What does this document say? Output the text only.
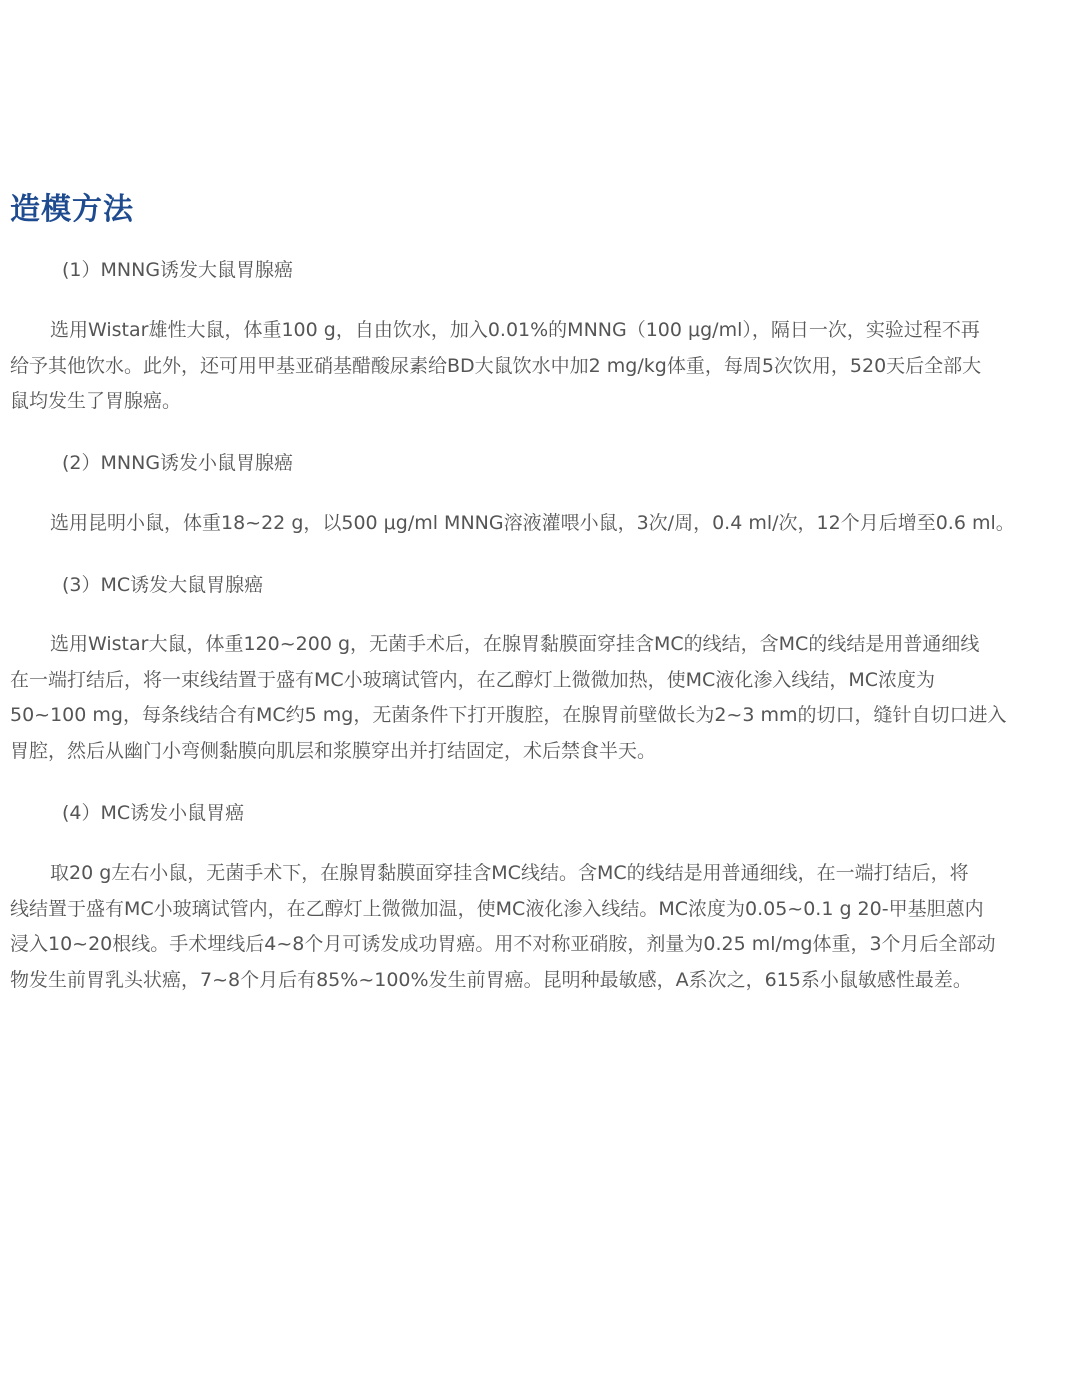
造模方法

(1）MNNG诱发大鼠胃腺癌

选用Wistar雄性大鼠，体重100 g，自由饮水，加入0.01%的MNNG（100 μg/ml），隔日一次，实验过程不再
给予其他饮水。此外，还可用甲基亚硝基醋酸尿素给BD大鼠饮水中加2 mg/kg体重，每周5次饮用，520天后全部大
鼠均发生了胃腺癌。

(2）MNNG诱发小鼠胃腺癌

选用昆明小鼠，体重18~22 g，以500 μg/ml MNNG溶液灌喂小鼠，3次/周，0.4 ml/次，12个月后增至0.6 ml。

(3）MC诱发大鼠胃腺癌

选用Wistar大鼠，体重120~200 g，无菌手术后，在腺胃黏膜面穿挂含MC的线结，含MC的线结是用普通细线
在一端打结后，将一束线结置于盛有MC小玻璃试管内，在乙醇灯上微微加热，使MC液化渗入线结，MC浓度为
50~100 mg，每条线结合有MC约5 mg，无菌条件下打开腹腔，在腺胃前壁做长为2~3 mm的切口，缝针自切口进入
胃腔，然后从幽门小弯侧黏膜向肌层和浆膜穿出并打结固定，术后禁食半天。

(4）MC诱发小鼠胃癌

取20 g左右小鼠，无菌手术下，在腺胃黏膜面穿挂含MC线结。含MC的线结是用普通细线，在一端打结后，将
线结置于盛有MC小玻璃试管内，在乙醇灯上微微加温，使MC液化渗入线结。MC浓度为0.05~0.1 g 20-甲基胆蒽内
浸入10~20根线。手术埋线后4~8个月可诱发成功胃癌。用不对称亚硝胺，剂量为0.25 ml/mg体重，3个月后全部动
物发生前胃乳头状癌，7~8个月后有85%~100%发生前胃癌。昆明种最敏感，A系次之，615系小鼠敏感性最差。
